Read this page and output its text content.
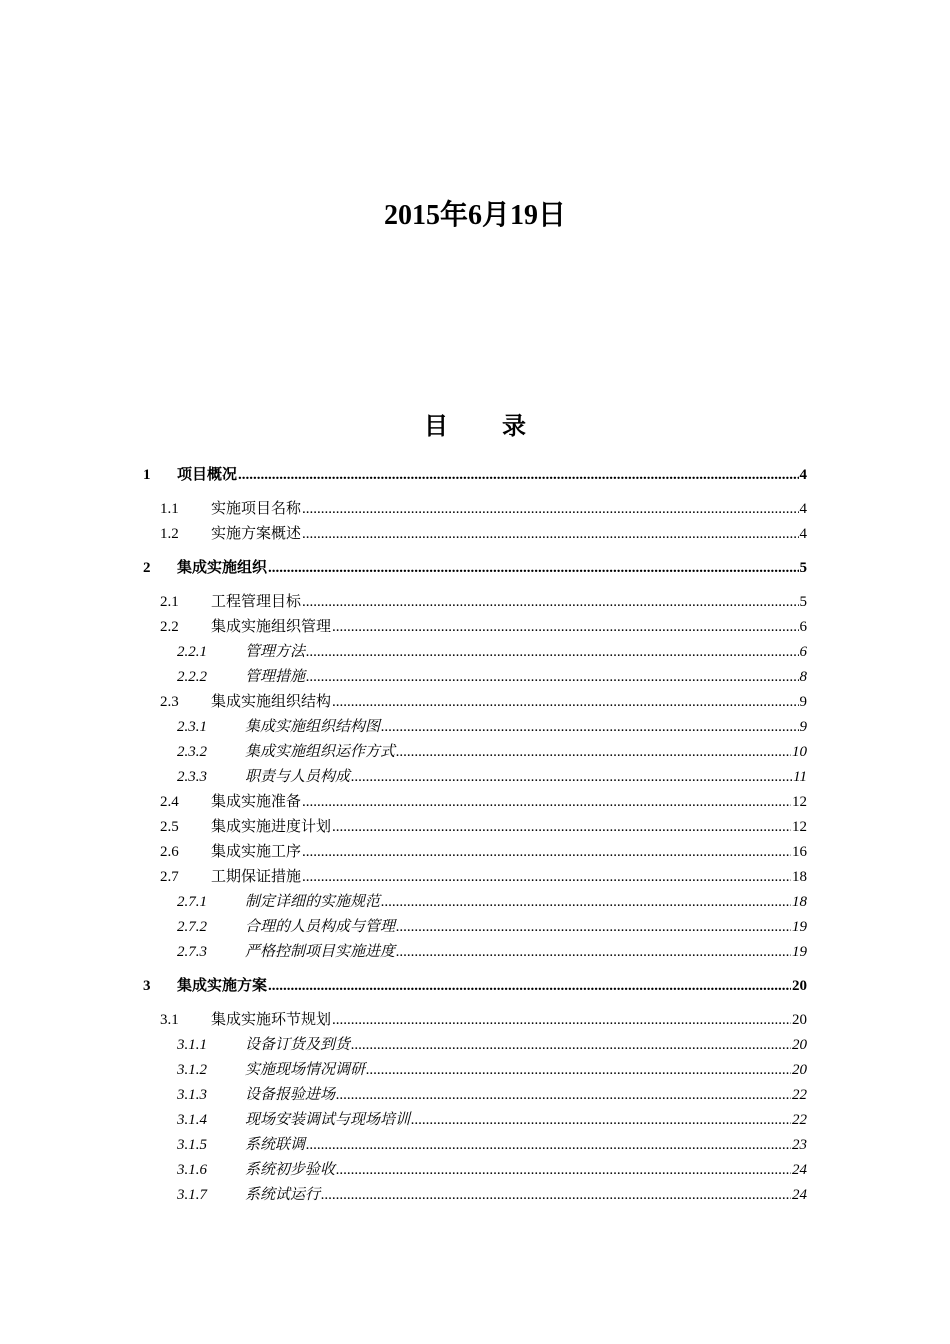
2015年6月19日
目 录
1	项目概况 .....	4
1.1	实施项目名称 .....	4
1.2	实施方案概述 .....	4
2	集成实施组织 .....	5
2.1	工程管理目标 .....	5
2.2	集成实施组织管理 .....	6
2.2.1	管理方法 .....	6
2.2.2	管理措施 .....	8
2.3	集成实施组织结构 .....	9
2.3.1	集成实施组织结构图 .....	9
2.3.2	集成实施组织运作方式 .....	10
2.3.3	职责与人员构成 .....	11
2.4	集成实施准备 .....	12
2.5	集成实施进度计划 .....	12
2.6	集成实施工序 .....	16
2.7	工期保证措施 .....	18
2.7.1	制定详细的实施规范 .....	18
2.7.2	合理的人员构成与管理 .....	19
2.7.3	严格控制项目实施进度 .....	19
3	集成实施方案 .....	20
3.1	集成实施环节规划 .....	20
3.1.1	设备订货及到货 .....	20
3.1.2	实施现场情况调研 .....	20
3.1.3	设备报验进场 .....	22
3.1.4	现场安装调试与现场培训 .....	22
3.1.5	系统联调 .....	23
3.1.6	系统初步验收 .....	24
3.1.7	系统试运行 .....	24
